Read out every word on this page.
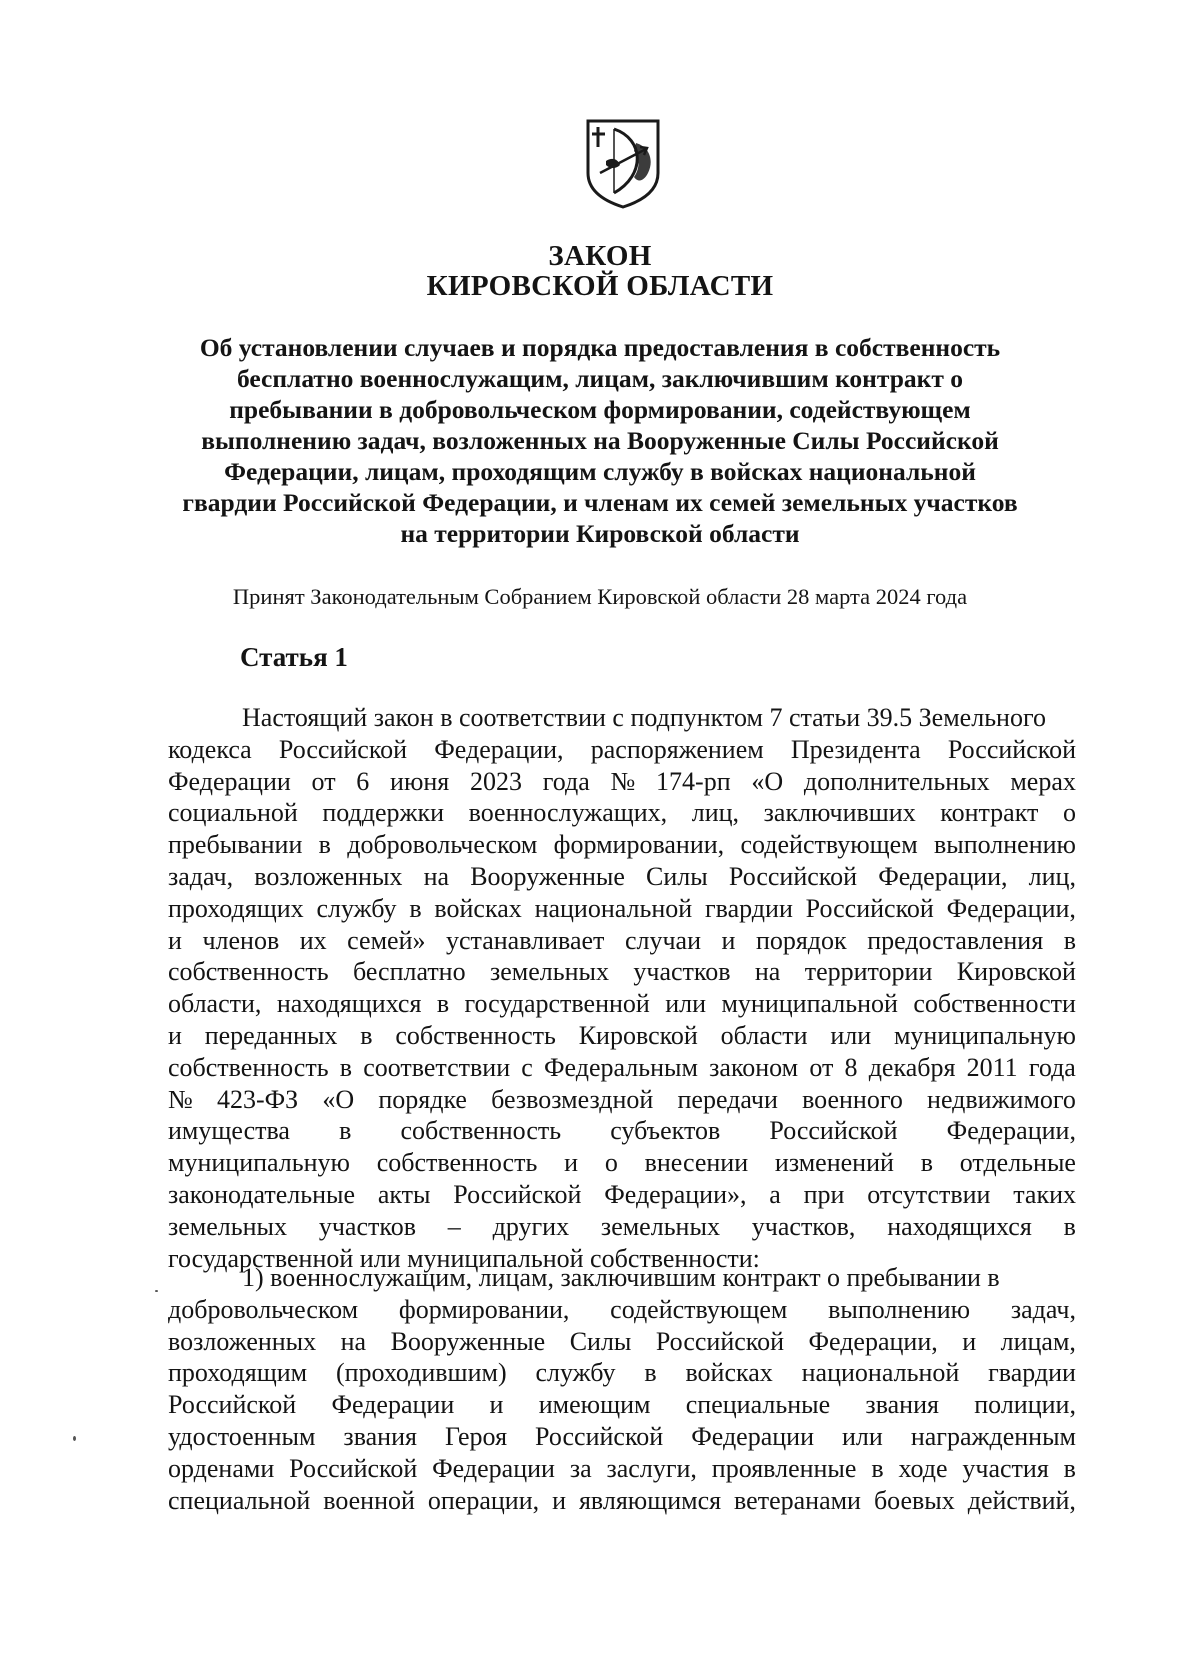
ЗАКОН
КИРОВСКОЙ ОБЛАСТИ
Об установлении случаев и порядка предоставления в собственность
бесплатно военнослужащим, лицам, заключившим контракт о
пребывании в добровольческом формировании, содействующем
выполнению задач, возложенных на Вооруженные Силы Российской
Федерации, лицам, проходящим службу в войсках национальной
гвардии Российской Федерации, и членам их семей земельных участков
на территории Кировской области
Принят Законодательным Собранием Кировской области 28 марта 2024 года
Статья 1
Настоящий закон в соответствии с подпунктом 7 статьи 39.5 Земельного
кодекса Российской Федерации, распоряжением Президента Российской
Федерации от 6 июня 2023 года № 174-рп «О дополнительных мерах
социальной поддержки военнослужащих, лиц, заключивших контракт о
пребывании в добровольческом формировании, содействующем выполнению
задач, возложенных на Вооруженные Силы Российской Федерации, лиц,
проходящих службу в войсках национальной гвардии Российской Федерации,
и членов их семей» устанавливает случаи и порядок предоставления в
собственность бесплатно земельных участков на территории Кировской
области, находящихся в государственной или муниципальной собственности
и переданных в собственность Кировской области или муниципальную
собственность в соответствии с Федеральным законом от 8 декабря 2011 года
№ 423-ФЗ «О порядке безвозмездной передачи военного недвижимого
имущества в собственность субъектов Российской Федерации,
муниципальную собственность и о внесении изменений в отдельные
законодательные акты Российской Федерации», а при отсутствии таких
земельных участков – других земельных участков, находящихся в
государственной или муниципальной собственности:
1) военнослужащим, лицам, заключившим контракт о пребывании в
добровольческом формировании, содействующем выполнению задач,
возложенных на Вооруженные Силы Российской Федерации, и лицам,
проходящим (проходившим) службу в войсках национальной гвардии
Российской Федерации и имеющим специальные звания полиции,
удостоенным звания Героя Российской Федерации или награжденным
орденами Российской Федерации за заслуги, проявленные в ходе участия в
специальной военной операции, и являющимся ветеранами боевых действий,
